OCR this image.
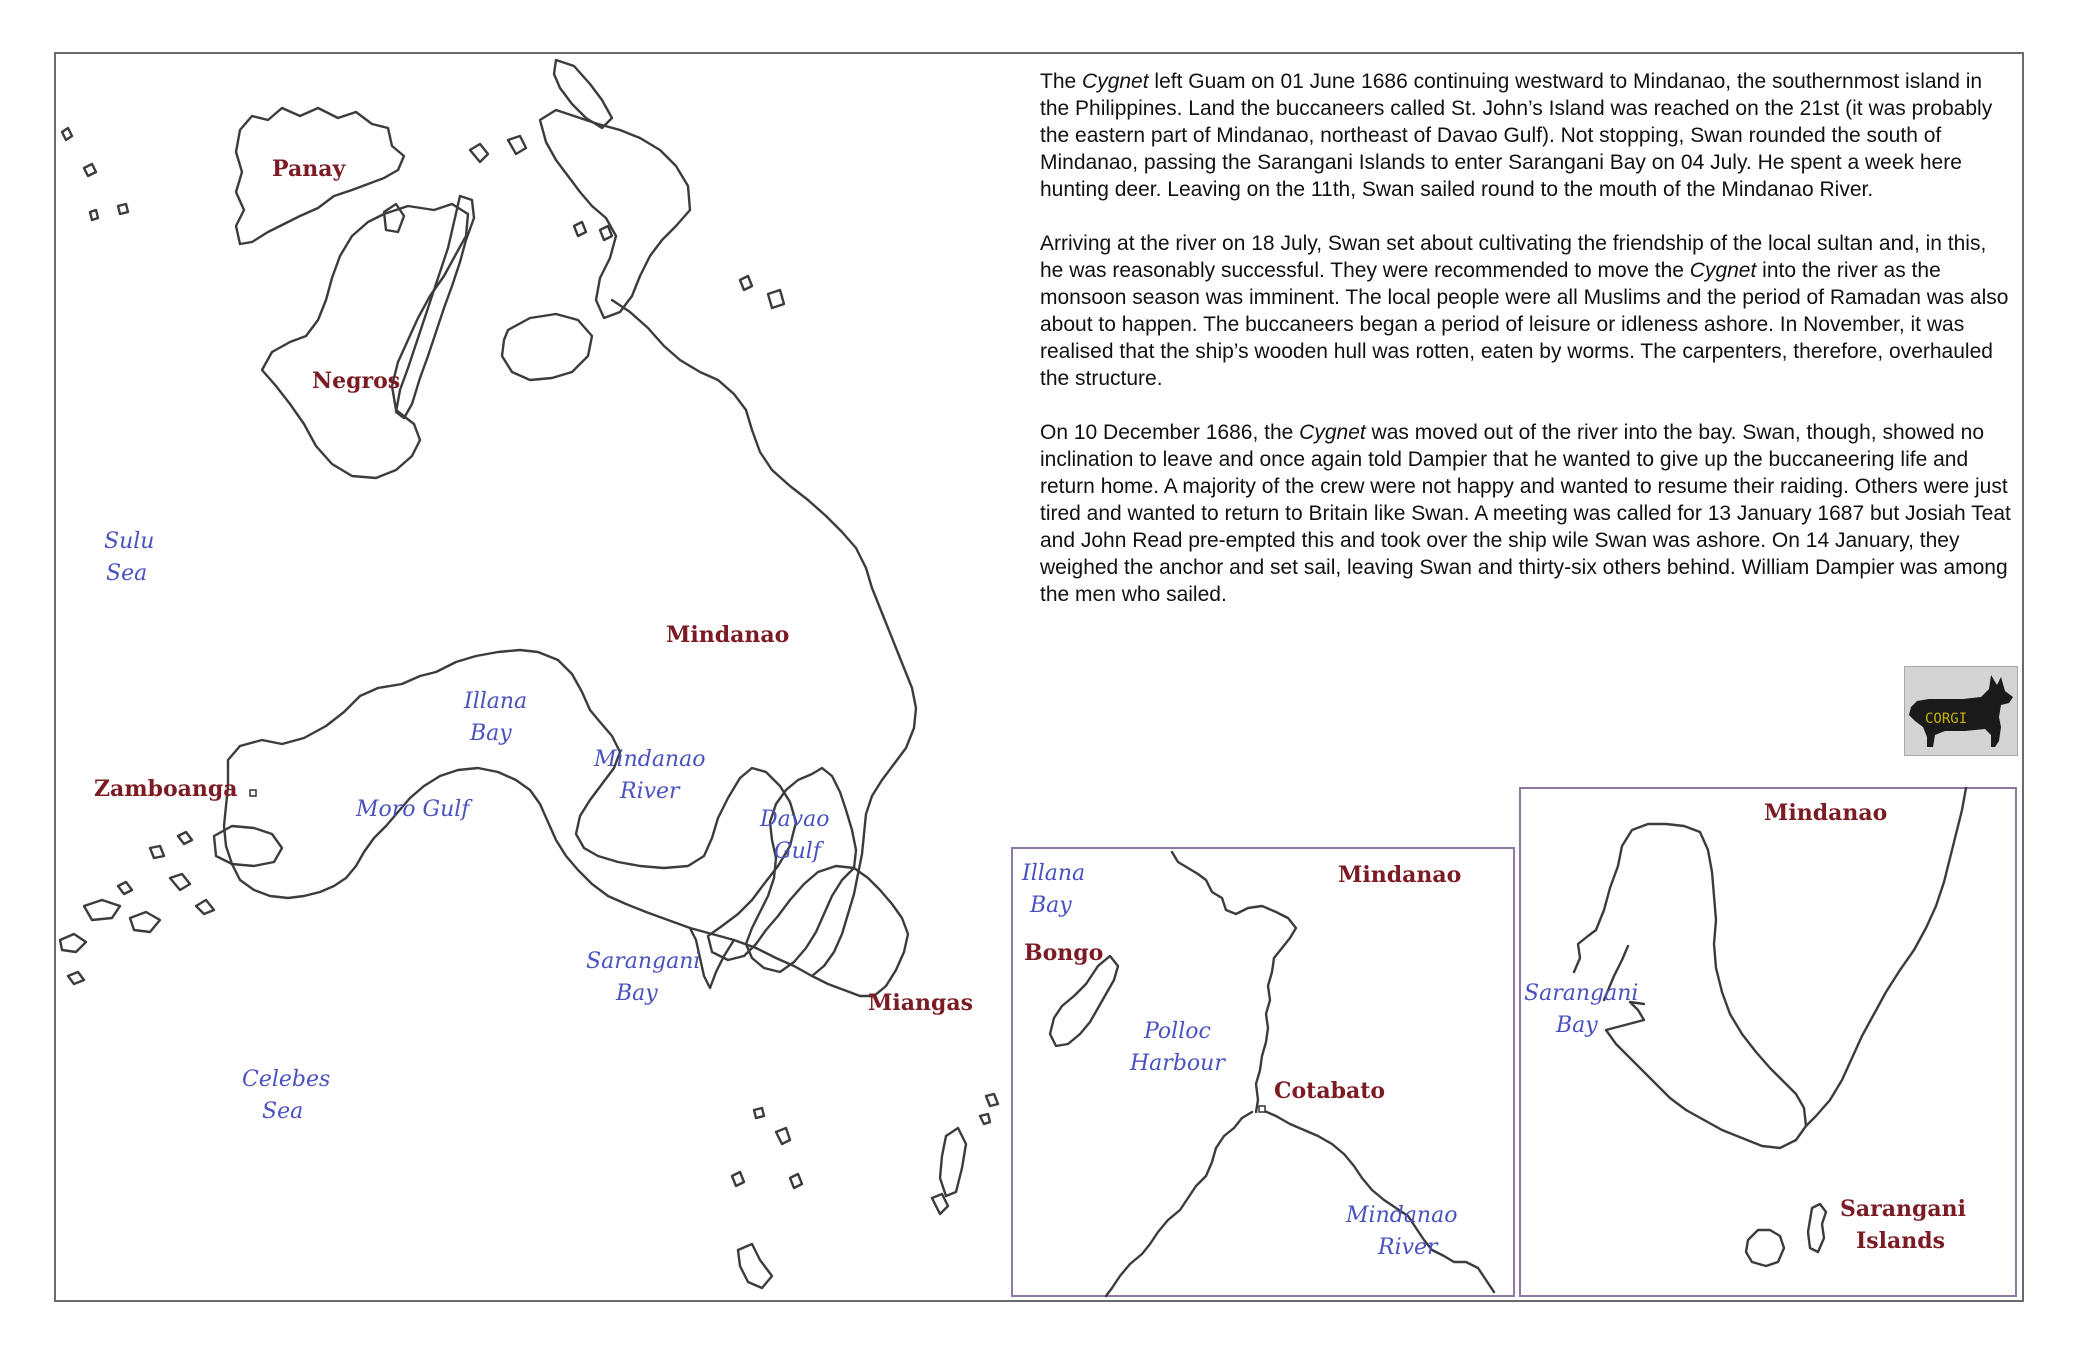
Panay
Negros
Mindanao
Zamboanga
Miangas
Sulu
Sea
Illana
Bay
Mindanao
River
Moro Gulf	Davao
Gulf
Sarangani
Bay
Celebes
Sea
Illana
Bay
Mindanao
Bongo
Polloc
Harbour
Cotabato
Mindanao
River
Mindanao
Sarangani
Bay
Sarangani
Islands

The Cygnet left Guam on 01 June 1686 continuing westward to Mindanao, the southernmost island in the Philippines. Land the buccaneers called St. John’s Island was reached on the 21st (it was probably the eastern part of Mindanao, northeast of Davao Gulf). Not stopping, Swan rounded the south of Mindanao, passing the Sarangani Islands to enter Sarangani Bay on 04 July. He spent a week here hunting deer. Leaving on the 11th, Swan sailed round to the mouth of the Mindanao River.

Arriving at the river on 18 July, Swan set about cultivating the friendship of the local sultan and, in this, he was reasonably successful. They were recommended to move the Cygnet into the river as the monsoon season was imminent. The local people were all Muslims and the period of Ramadan was also about to happen. The buccaneers began a period of leisure or idleness ashore. In November, it was realised that the ship’s wooden hull was rotten, eaten by worms. The carpenters, therefore, overhauled the structure.

On 10 December 1686, the Cygnet was moved out of the river into the bay. Swan, though, showed no inclination to leave and once again told Dampier that he wanted to give up the buccaneering life and return home. A majority of the crew were not happy and wanted to resume their raiding. Others were just tired and wanted to return to Britain like Swan. A meeting was called for 13 January 1687 but Josiah Teat and John Read pre-empted this and took over the ship wile Swan was ashore. On 14 January, they weighed the anchor and set sail, leaving Swan and thirty-six others behind. William Dampier was among the men who sailed.

CORGI
